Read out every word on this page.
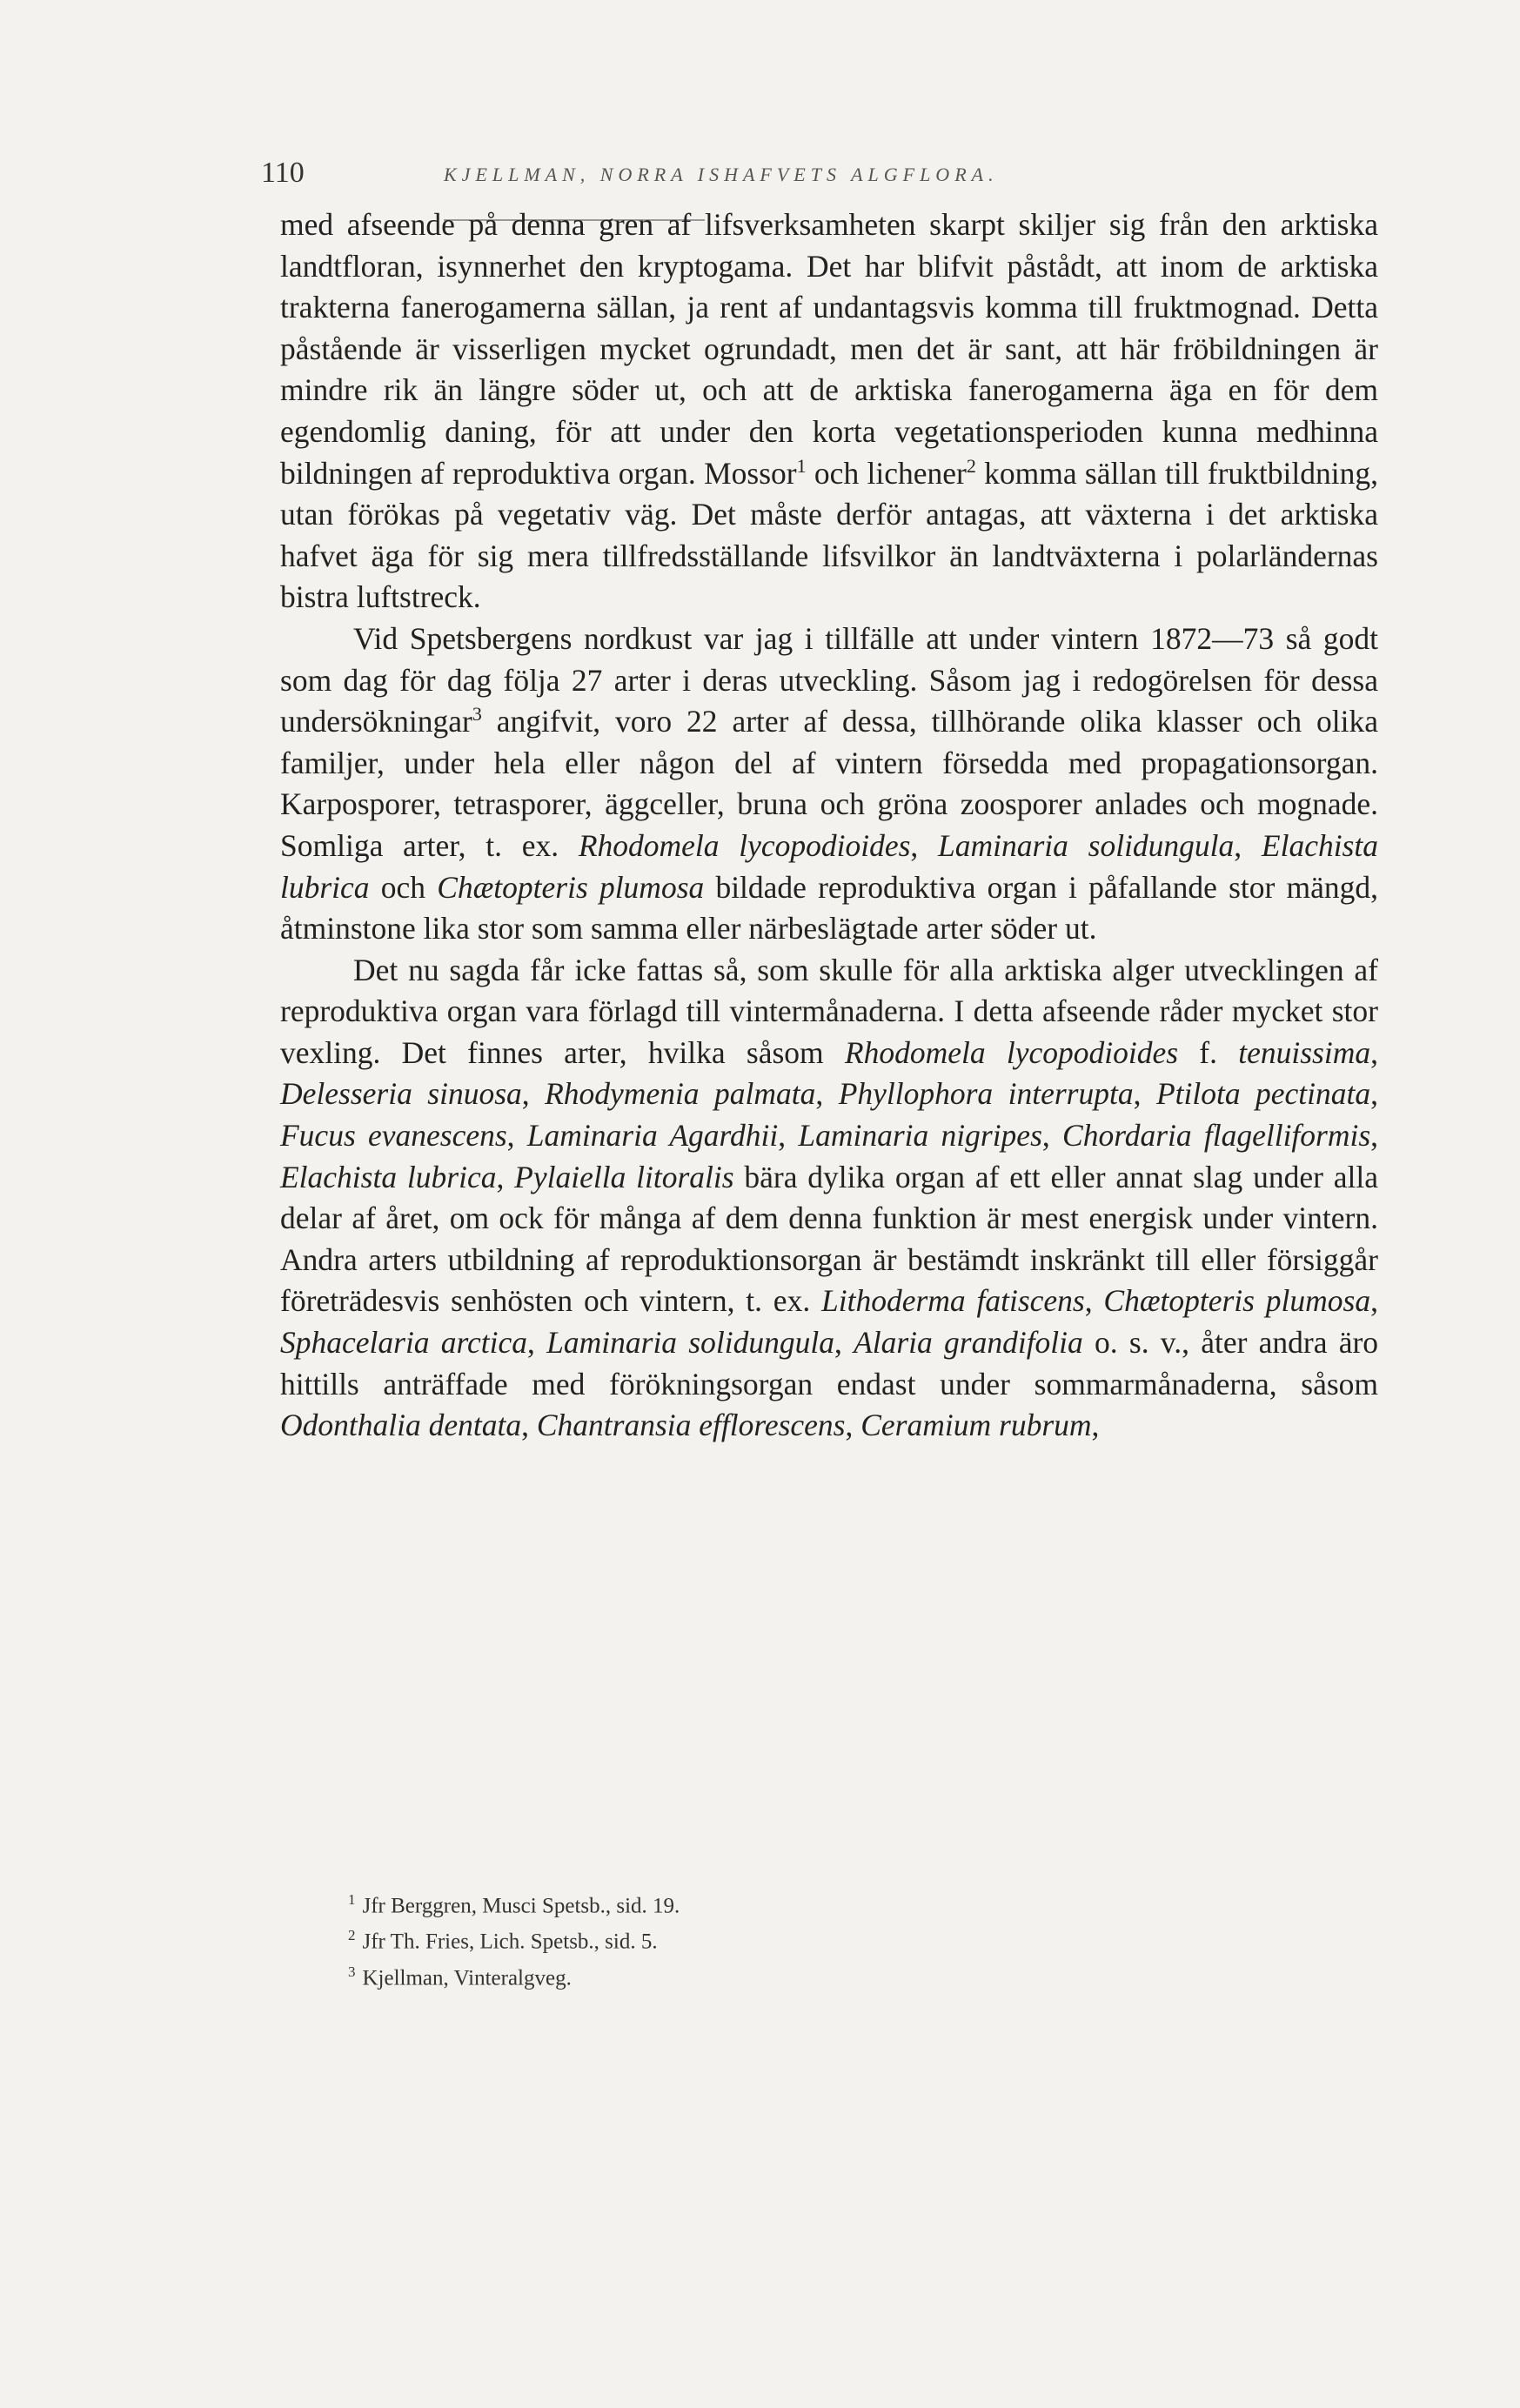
110	KJELLMAN, NORRA ISHAFVETS ALGFLORA.

med afseende på denna gren af lifsverksamheten skarpt skiljer sig från den arktiska landtfloran, isynnerhet den kryptogama. Det har blifvit påstådt, att inom de arktiska trakterna fanerogamerna sällan, ja rent af undantagsvis komma till fruktmognad. Detta påstående är visserligen mycket ogrundadt, men det är sant, att här fröbildningen är mindre rik än längre söder ut, och att de arktiska fanerogamerna äga en för dem egendomlig daning, för att under den korta vegetationsperioden kunna medhinna bildningen af reproduktiva organ. Mossor$^1$ och lichener$^2$ komma sällan till fruktbildning, utan förökas på vegetativ väg. Det måste derför antagas, att växterna i det arktiska hafvet äga för sig mera tillfredsställande lifsvilkor än landtväxterna i polarländernas bistra luftstreck.

Vid Spetsbergens nordkust var jag i tillfälle att under vintern 1872—73 så godt som dag för dag följa 27 arter i deras utveckling. Såsom jag i redogörelsen för dessa undersökningar$^3$ angifvit, voro 22 arter af dessa, tillhörande olika klasser och olika familjer, under hela eller någon del af vintern försedda med propagationsorgan. Karposporer, tetrasporer, äggceller, bruna och gröna zoosporer anlades och mognade. Somliga arter, t. ex. Rhodomela lycopodioides, Laminaria solidungula, Elachista lubrica och Chætopteris plumosa bildade reproduktiva organ i påfallande stor mängd, åtminstone lika stor som samma eller närbeslägtade arter söder ut.

Det nu sagda får icke fattas så, som skulle för alla arktiska alger utvecklingen af reproduktiva organ vara förlagd till vintermånaderna. I detta afseende råder mycket stor vexling. Det finnes arter, hvilka såsom Rhodomela lycopodioides f. tenuissima, Delesseria sinuosa, Rhodymenia palmata, Phyllophora interrupta, Ptilota pectinata, Fucus evanescens, Laminaria Agardhii, Laminaria nigripes, Chordaria flagelliformis, Elachista lubrica, Pylaiella litoralis bära dylika organ af ett eller annat slag under alla delar af året, om ock för många af dem denna funktion är mest energisk under vintern. Andra arters utbildning af reproduktionsorgan är bestämdt inskränkt till eller försiggår företrädesvis senhösten och vintern, t. ex. Lithoderma fatiscens, Chætopteris plumosa, Sphacelaria arctica, Laminaria solidungula, Alaria grandifolia o. s. v., åter andra äro hittills anträffade med förökningsorgan endast under sommarmånaderna, såsom Odonthalia dentata, Chantransia efflorescens, Ceramium rubrum,

$^1$ Jfr Berggren, Musci Spetsb., sid. 19.
$^2$ Jfr Th. Fries, Lich. Spetsb., sid. 5.
$^3$ Kjellman, Vinteralgveg.
